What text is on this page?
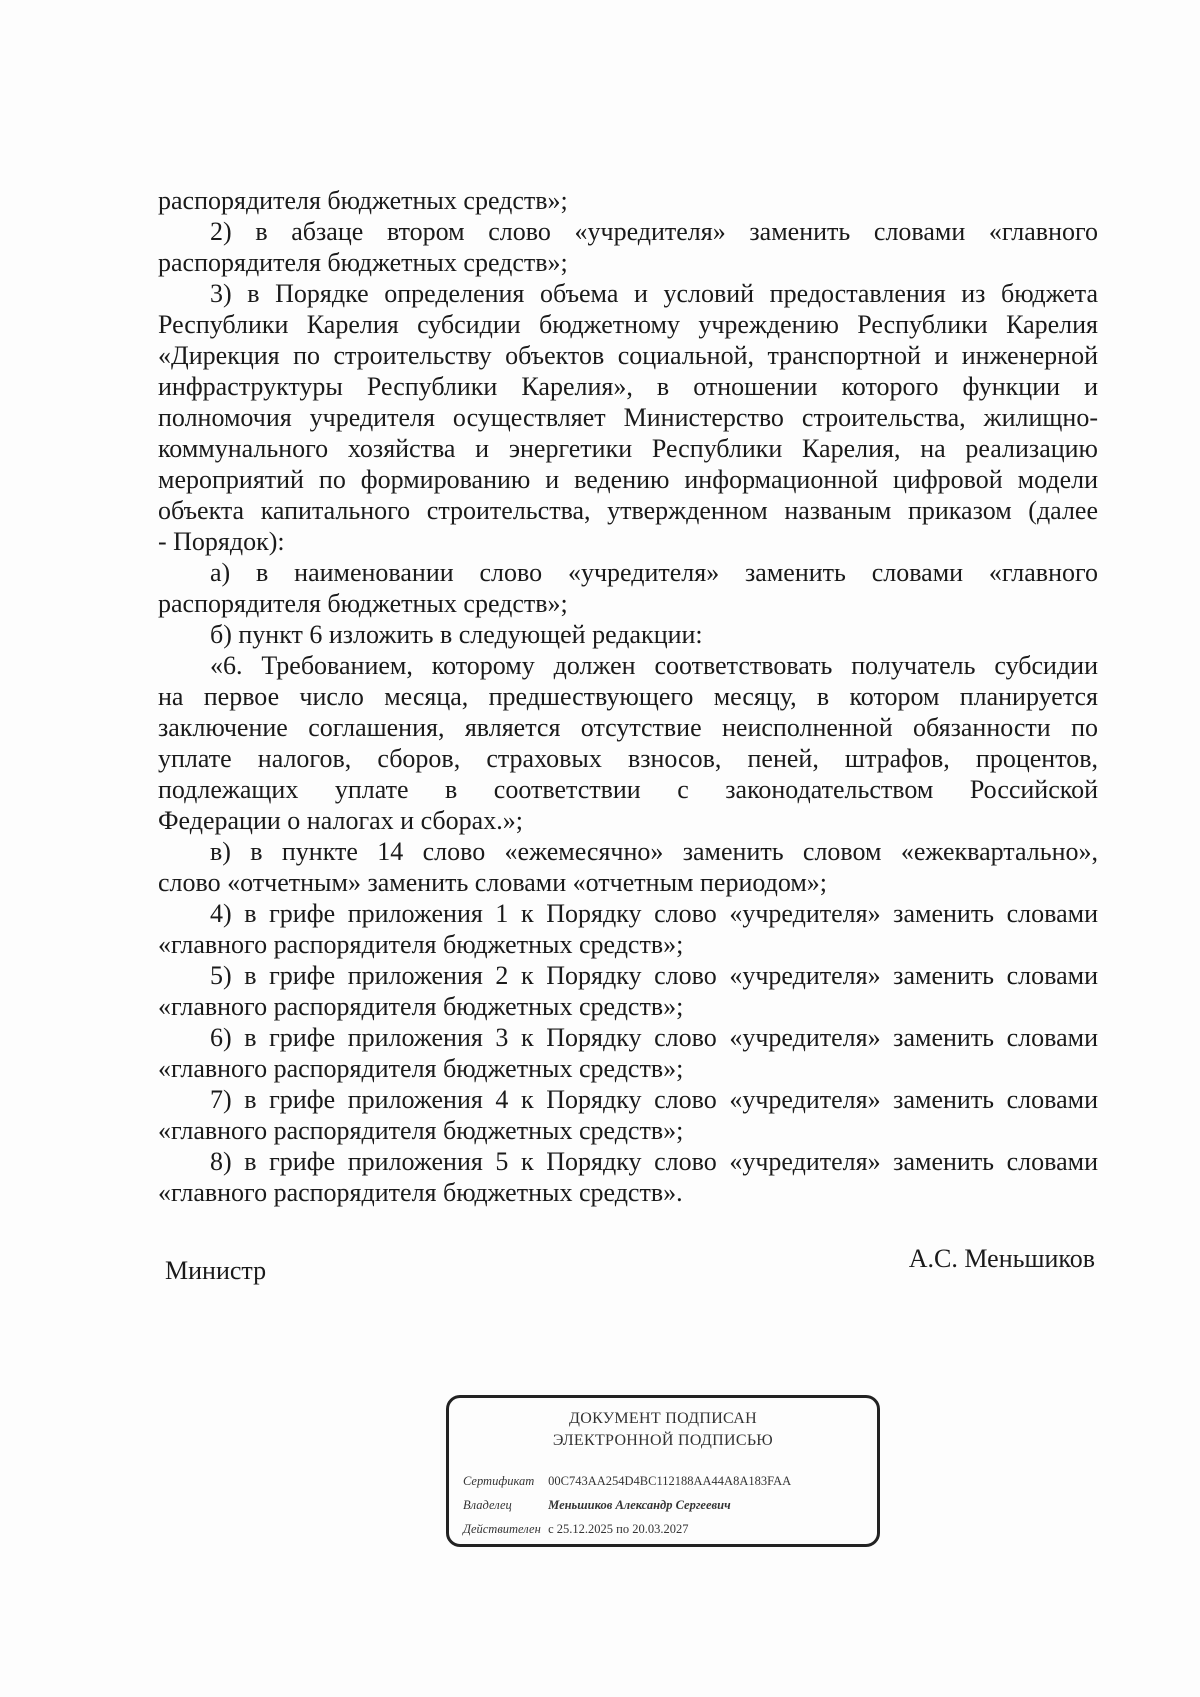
распорядителя бюджетных средств»;
2) в абзаце втором слово «учредителя» заменить словами «главного
распорядителя бюджетных средств»;
3) в Порядке определения объема и условий предоставления из бюджета
Республики Карелия субсидии бюджетному учреждению Республики Карелия
«Дирекция по строительству объектов социальной, транспортной и инженерной
инфраструктуры Республики Карелия», в отношении которого функции и
полномочия учредителя осуществляет Министерство строительства, жилищно-
коммунального хозяйства и энергетики Республики Карелия, на реализацию
мероприятий по формированию и ведению информационной цифровой модели
объекта капитального строительства, утвержденном названым приказом (далее
- Порядок):
а) в наименовании слово «учредителя» заменить словами «главного
распорядителя бюджетных средств»;
б) пункт 6 изложить в следующей редакции:
«6. Требованием, которому должен соответствовать получатель субсидии
на первое число месяца, предшествующего месяцу, в котором планируется
заключение соглашения, является отсутствие неисполненной обязанности по
уплате налогов, сборов, страховых взносов, пеней, штрафов, процентов,
подлежащих уплате в соответствии с законодательством Российской
Федерации о налогах и сборах.»;
в) в пункте 14 слово «ежемесячно» заменить словом «ежеквартально»,
слово «отчетным» заменить словами «отчетным периодом»;
4) в грифе приложения 1 к Порядку слово «учредителя» заменить словами
«главного распорядителя бюджетных средств»;
5) в грифе приложения 2 к Порядку слово «учредителя» заменить словами
«главного распорядителя бюджетных средств»;
6) в грифе приложения 3 к Порядку слово «учредителя» заменить словами
«главного распорядителя бюджетных средств»;
7) в грифе приложения 4 к Порядку слово «учредителя» заменить словами
«главного распорядителя бюджетных средств»;
8) в грифе приложения 5 к Порядку слово «учредителя» заменить словами
«главного распорядителя бюджетных средств».
Министр	А.С. Меньшиков
ДОКУМЕНТ ПОДПИСАН
ЭЛЕКТРОННОЙ ПОДПИСЬЮ
Сертификат 00C743AA254D4BC112188AA44A8A183FAA
Владелец	Меньшиков Александр Сергеевич
Действителен с 25.12.2025 по 20.03.2027
